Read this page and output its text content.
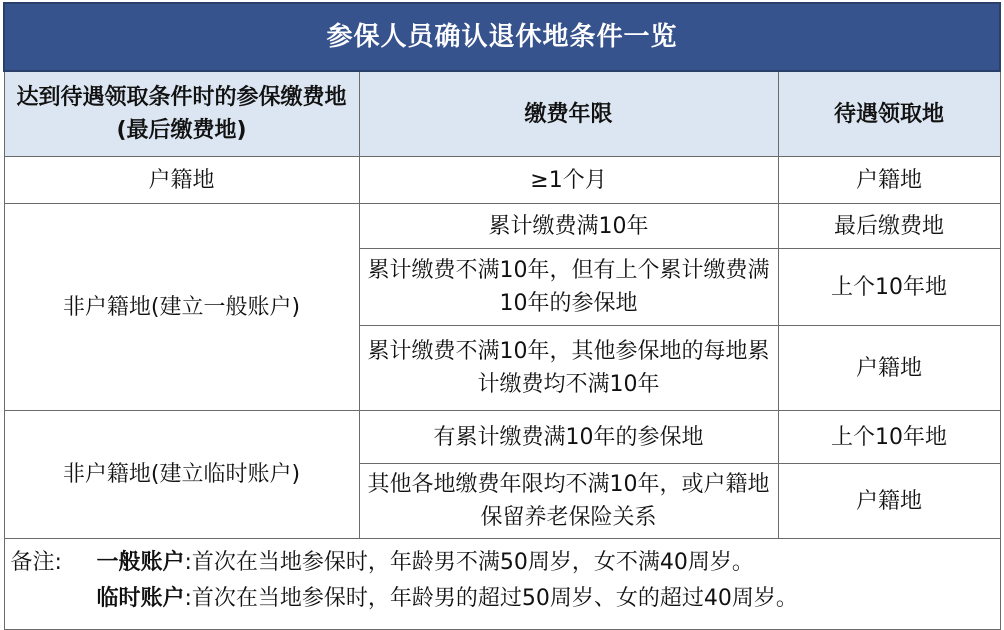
参保人员确认退休地条件一览		
达到待遇领取条件时的参保缴费地(最后缴费地)	缴费年限	待遇领取地
户籍地	≥1个月	户籍地
非户籍地(建立一般账户)	累计缴费满10年	最后缴费地
	累计缴费不满10年，但有上个累计缴费满10年的参保地	上个10年地
	累计缴费不满10年，其他参保地的每地累计缴费均不满10年	户籍地
非户籍地(建立临时账户)	有累计缴费满10年的参保地	上个10年地
	其他各地缴费年限均不满10年，或户籍地保留养老保险关系	户籍地

备注: 一般账户:首次在当地参保时，年龄男不满50周岁，女不满40周岁。
临时账户:首次在当地参保时，年龄男的超过50周岁、女的超过40周岁。		
